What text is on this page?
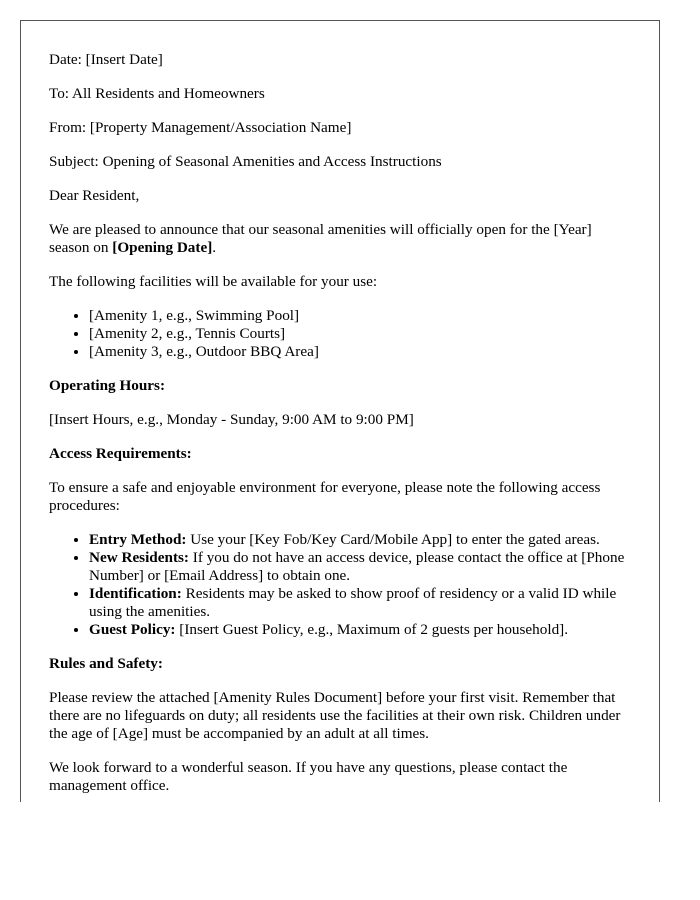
Date: [Insert Date]

To: All Residents and Homeowners

From: [Property Management/Association Name]

Subject: Opening of Seasonal Amenities and Access Instructions

Dear Resident,

We are pleased to announce that our seasonal amenities will officially open for the [Year] season on [Opening Date].

The following facilities will be available for your use:

• [Amenity 1, e.g., Swimming Pool]
• [Amenity 2, e.g., Tennis Courts]
• [Amenity 3, e.g., Outdoor BBQ Area]

Operating Hours:

[Insert Hours, e.g., Monday - Sunday, 9:00 AM to 9:00 PM]

Access Requirements:

To ensure a safe and enjoyable environment for everyone, please note the following access procedures:

• Entry Method: Use your [Key Fob/Key Card/Mobile App] to enter the gated areas.
• New Residents: If you do not have an access device, please contact the office at [Phone Number] or [Email Address] to obtain one.
• Identification: Residents may be asked to show proof of residency or a valid ID while using the amenities.
• Guest Policy: [Insert Guest Policy, e.g., Maximum of 2 guests per household].

Rules and Safety:

Please review the attached [Amenity Rules Document] before your first visit. Remember that there are no lifeguards on duty; all residents use the facilities at their own risk. Children under the age of [Age] must be accompanied by an adult at all times.

We look forward to a wonderful season. If you have any questions, please contact the management office.
